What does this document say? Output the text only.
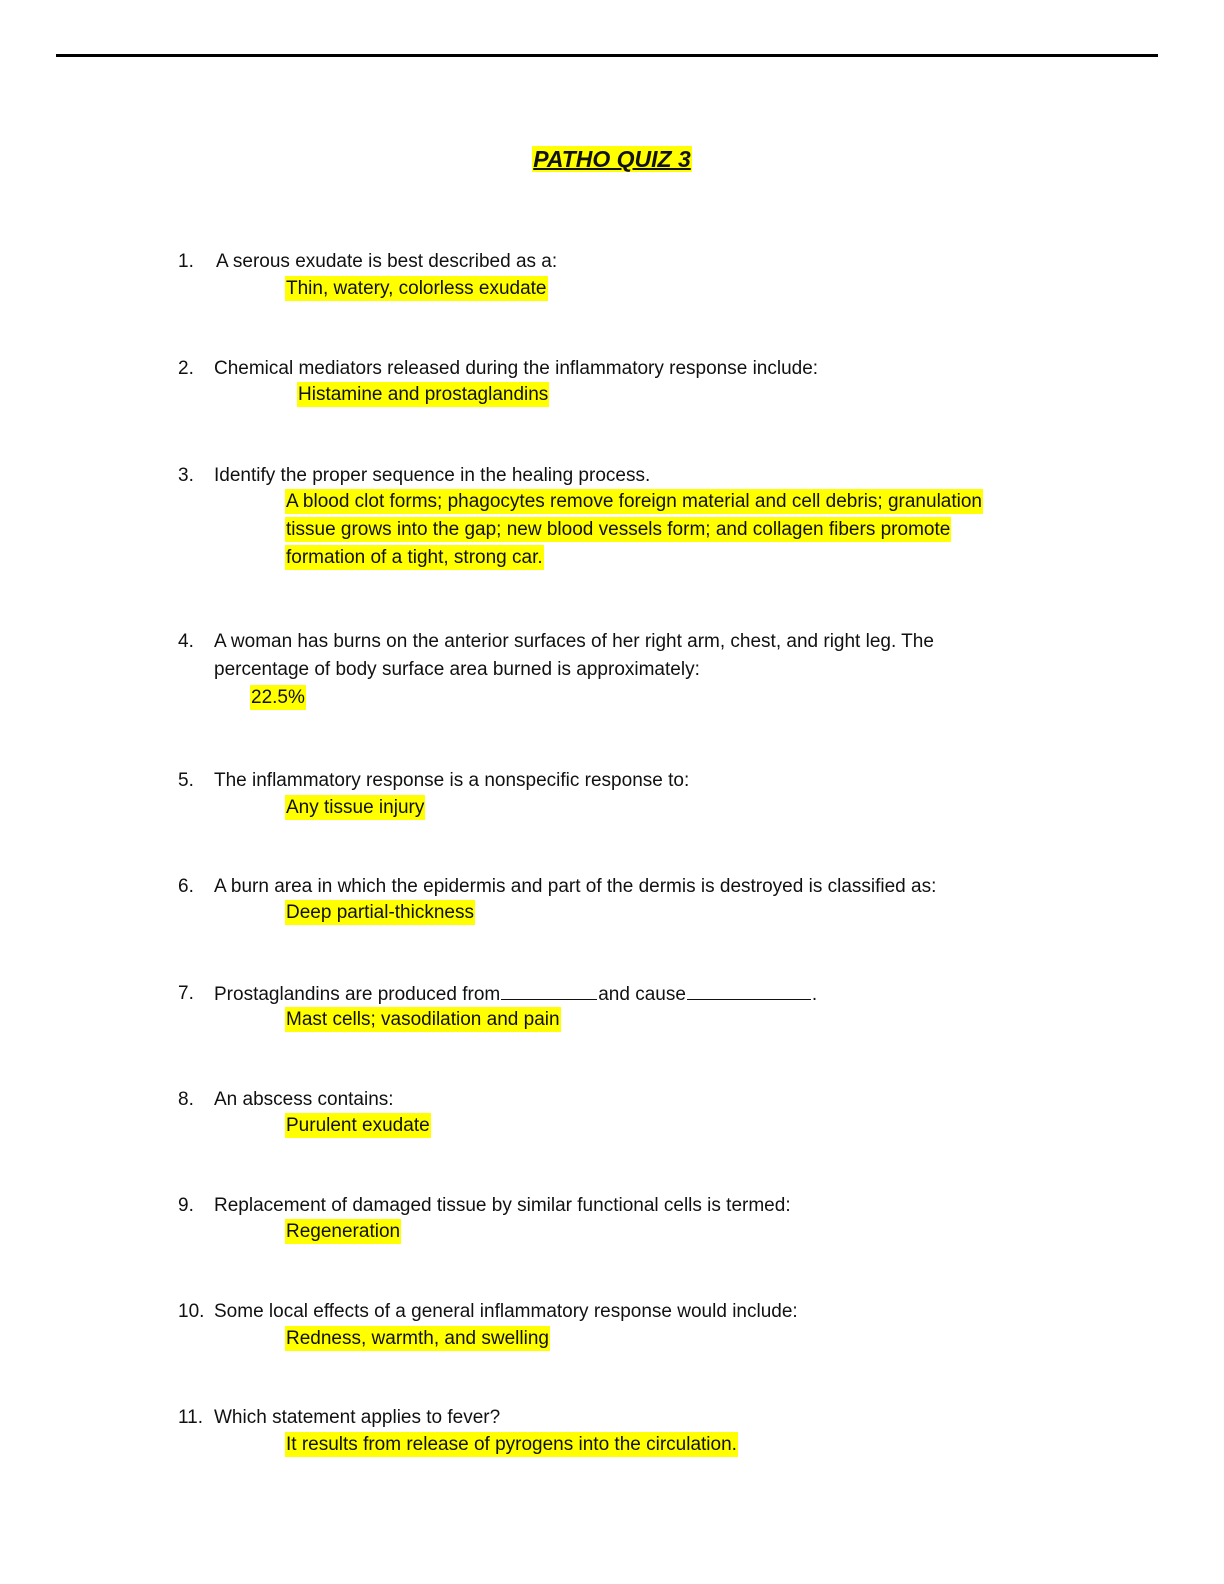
PATHO QUIZ 3
1. A serous exudate is best described as a:
Thin, watery, colorless exudate
2. Chemical mediators released during the inflammatory response include:
Histamine and prostaglandins
3. Identify the proper sequence in the healing process.
A blood clot forms; phagocytes remove foreign material and cell debris; granulation
tissue grows into the gap; new blood vessels form; and collagen fibers promote
formation of a tight, strong car.
4. A woman has burns on the anterior surfaces of her right arm, chest, and right leg. The
percentage of body surface area burned is approximately:
22.5%
5. The inflammatory response is a nonspecific response to:
Any tissue injury
6. A burn area in which the epidermis and part of the dermis is destroyed is classified as:
Deep partial-thickness
7. Prostaglandins are produced from	and cause	.
Mast cells; vasodilation and pain
8. An abscess contains:
Purulent exudate
9. Replacement of damaged tissue by similar functional cells is termed:
Regeneration
10. Some local effects of a general inflammatory response would include:
Redness, warmth, and swelling
11. Which statement applies to fever?
It results from release of pyrogens into the circulation.
